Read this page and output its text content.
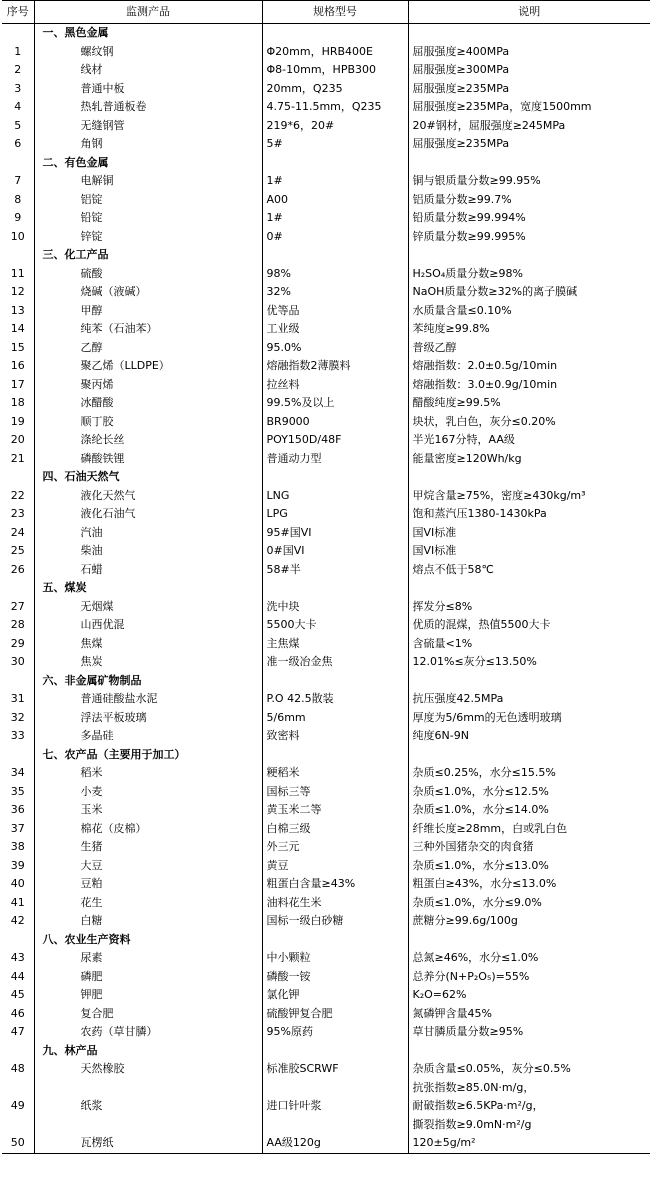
序号	监测产品	规格型号	说明
	一、黑色金属		
1	螺纹钢	Φ20mm，HRB400E	屈服强度≥400MPa
2	线材	Φ8-10mm，HPB300	屈服强度≥300MPa
3	普通中板	20mm，Q235	屈服强度≥235MPa
4	热轧普通板卷	4.75-11.5mm，Q235	屈服强度≥235MPa，宽度1500mm
5	无缝钢管	219*6，20#	20#钢材，屈服强度≥245MPa
6	角钢	5#	屈服强度≥235MPa
	二、有色金属		
7	电解铜	1#	铜与银质量分数≥99.95%
8	铝锭	A00	铝质量分数≥99.7%
9	铅锭	1#	铅质量分数≥99.994%
10	锌锭	0#	锌质量分数≥99.995%
	三、化工产品		
11	硫酸	98%	H₂SO₄质量分数≥98%
12	烧碱（液碱）	32%	NaOH质量分数≥32%的离子膜碱
13	甲醇	优等品	水质量含量≤0.10%
14	纯苯（石油苯）	工业级	苯纯度≥99.8%
15	乙醇	95.0%	普级乙醇
16	聚乙烯（LLDPE）	熔融指数2薄膜料	熔融指数：2.0±0.5g/10min
17	聚丙烯	拉丝料	熔融指数：3.0±0.9g/10min
18	冰醋酸	99.5%及以上	醋酸纯度≥99.5%
19	顺丁胶	BR9000	块状，乳白色，灰分≤0.20%
20	涤纶长丝	POY150D/48F	半光167分特，AA级
21	磷酸铁锂	普通动力型	能量密度≥120Wh/kg
	四、石油天然气		
22	液化天然气	LNG	甲烷含量≥75%，密度≥430kg/m³
23	液化石油气	LPG	饱和蒸汽压1380-1430kPa
24	汽油	95#国VI	国VI标准
25	柴油	0#国VI	国VI标准
26	石蜡	58#半	熔点不低于58℃
	五、煤炭		
27	无烟煤	洗中块	挥发分≤8%
28	山西优混	5500大卡	优质的混煤，热值5500大卡
29	焦煤	主焦煤	含硫量<1%
30	焦炭	准一级冶金焦	12.01%≤灰分≤13.50%
	六、非金属矿物制品		
31	普通硅酸盐水泥	P.O 42.5散装	抗压强度42.5MPa
32	浮法平板玻璃	5/6mm	厚度为5/6mm的无色透明玻璃
33	多晶硅	致密料	纯度6N-9N
	七、农产品（主要用于加工）		
34	稻米	粳稻米	杂质≤0.25%，水分≤15.5%
35	小麦	国标三等	杂质≤1.0%，水分≤12.5%
36	玉米	黄玉米二等	杂质≤1.0%，水分≤14.0%
37	棉花（皮棉）	白棉三级	纤维长度≥28mm，白或乳白色
38	生猪	外三元	三种外国猪杂交的肉食猪
39	大豆	黄豆	杂质≤1.0%，水分≤13.0%
40	豆粕	粗蛋白含量≥43%	粗蛋白≥43%，水分≤13.0%
41	花生	油料花生米	杂质≤1.0%，水分≤9.0%
42	白糖	国标一级白砂糖	蔗糖分≥99.6g/100g
	八、农业生产资料		
43	尿素	中小颗粒	总氮≥46%，水分≤1.0%
44	磷肥	磷酸一铵	总养分(N+P₂O₅)=55%
45	钾肥	氯化钾	K₂O=62%
46	复合肥	硫酸钾复合肥	氮磷钾含量45%
47	农药（草甘膦）	95%原药	草甘膦质量分数≥95%
	九、林产品		
48	天然橡胶	标准胶SCRWF	杂质含量≤0.05%，灰分≤0.5%
49	纸浆	进口针叶浆	抗张指数≥85.0N·m/g，
耐破指数≥6.5KPa·m²/g，
撕裂指数≥9.0mN·m²/g

50	瓦楞纸	AA级120g	120±5g/m²
